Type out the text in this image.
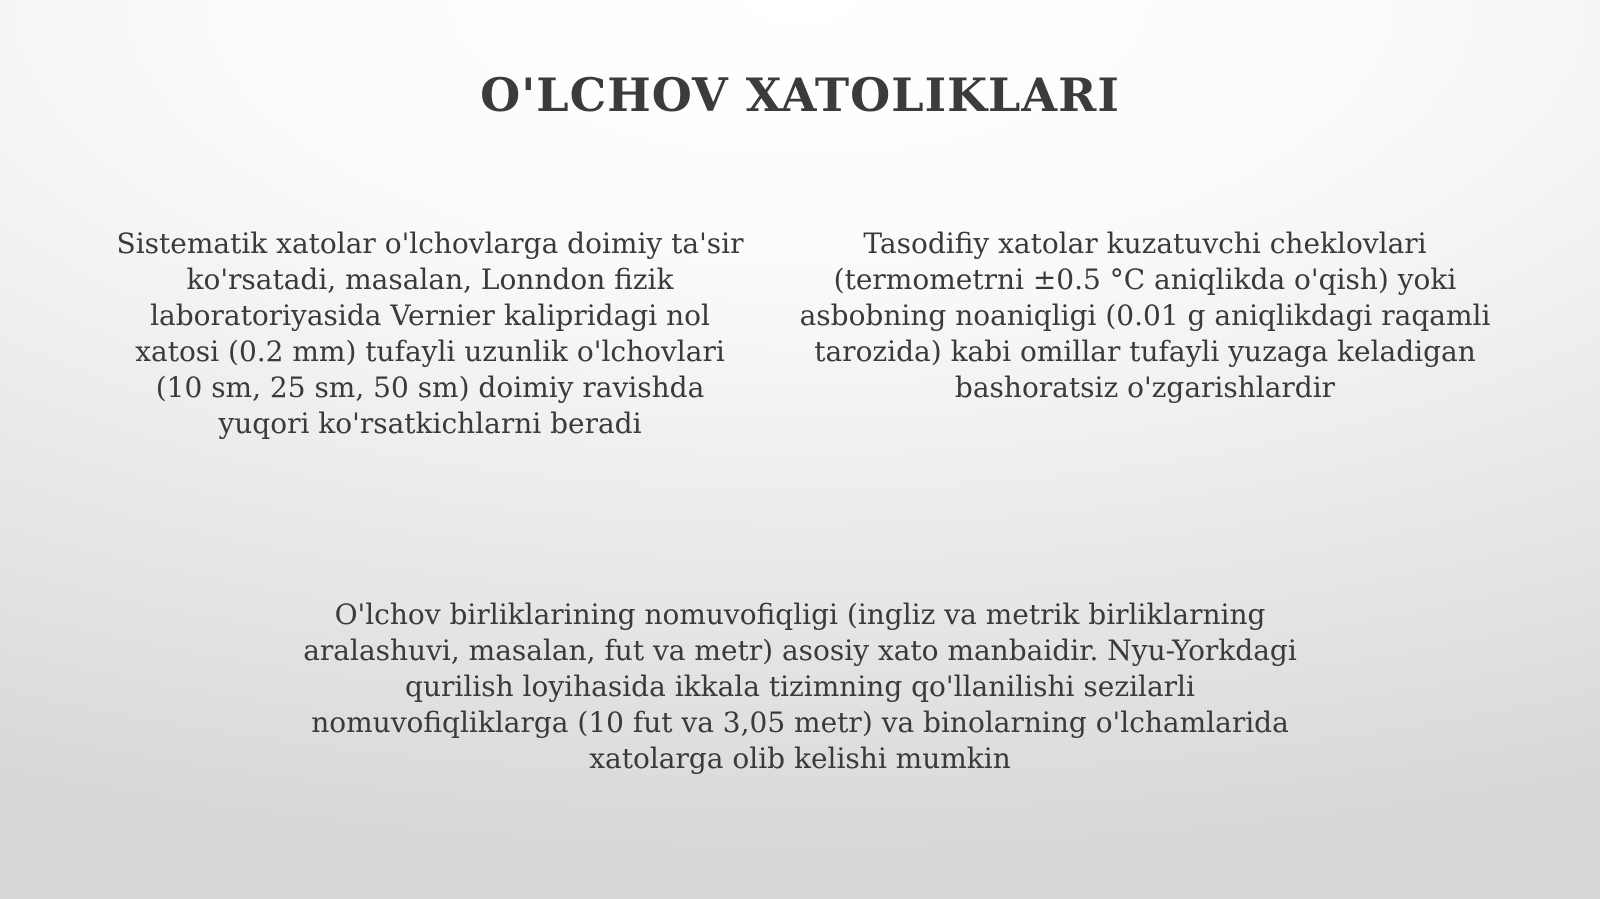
O'LCHOV XATOLIKLARI

Sistematik xatolar o'lchovlarga doimiy ta'sir ko'rsatadi, masalan, Lonndon fizik laboratoriyasida Vernier kalipridagi nol xatosi (0.2 mm) tufayli uzunlik o'lchovlari (10 sm, 25 sm, 50 sm) doimiy ravishda yuqori ko'rsatkichlarni beradi

Tasodifiy xatolar kuzatuvchi cheklovlari (termometrni ±0.5 °C aniqlikda o'qish) yoki asbobning noaniqligi (0.01 g aniqlikdagi raqamli tarozida) kabi omillar tufayli yuzaga keladigan bashoratsiz o'zgarishlardir

O'lchov birliklarining nomuvofiqligi (ingliz va metrik birliklarning aralashuvi, masalan, fut va metr) asosiy xato manbaidir. Nyu-Yorkdagi qurilish loyihasida ikkala tizimning qo'llanilishi sezilarli nomuvofiqliklarga (10 fut va 3,05 metr) va binolarning o'lchamlarida xatolarga olib kelishi mumkin
